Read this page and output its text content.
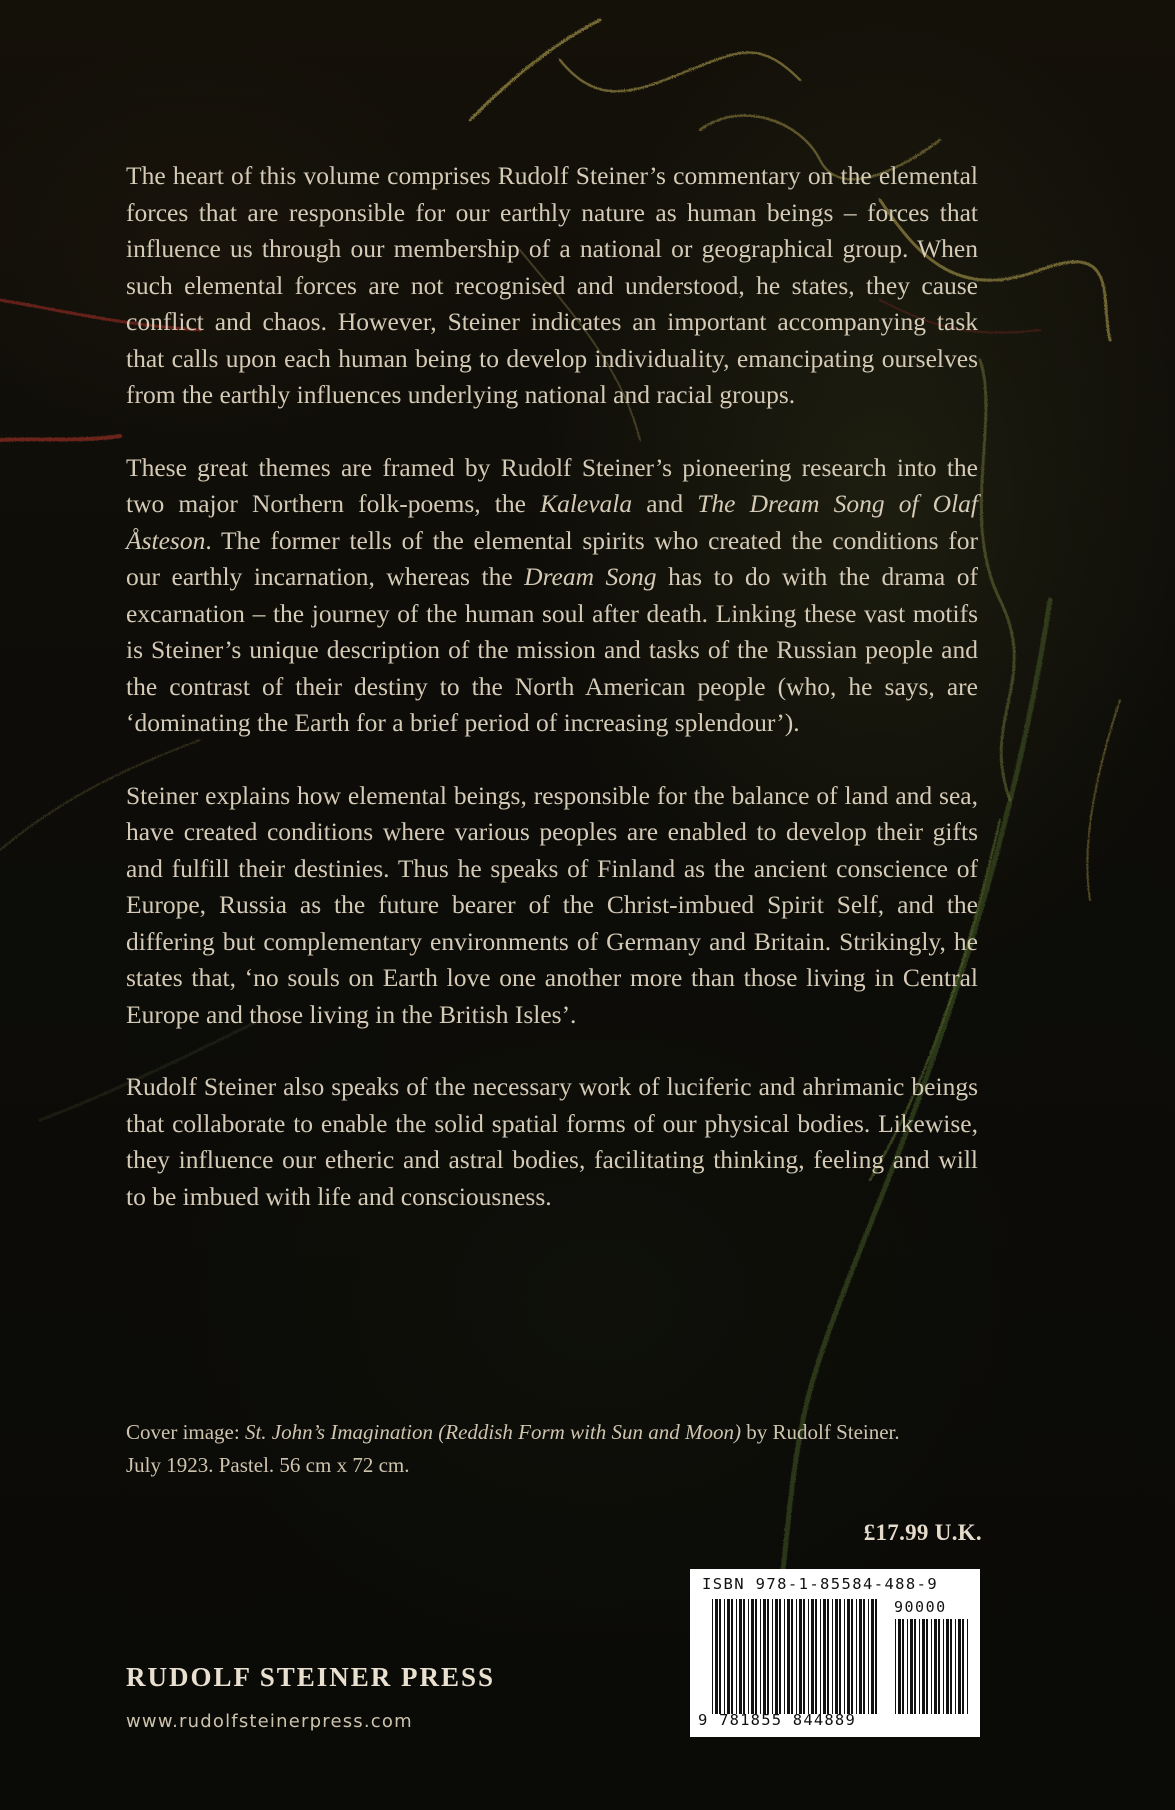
The heart of this volume comprises Rudolf Steiner’s commentary on the elemental forces that are responsible for our earthly nature as human beings – forces that influence us through our membership of a national or geographical group. When such elemental forces are not recognised and understood, he states, they cause conflict and chaos. However, Steiner indicates an important accompanying task that calls upon each human being to develop individuality, emancipating ourselves from the earthly influences underlying national and racial groups.

These great themes are framed by Rudolf Steiner’s pioneering research into the two major Northern folk-poems, the Kalevala and The Dream Song of Olaf Åsteson. The former tells of the elemental spirits who created the conditions for our earthly incarnation, whereas the Dream Song has to do with the drama of excarnation – the journey of the human soul after death. Linking these vast motifs is Steiner’s unique description of the mission and tasks of the Russian people and the contrast of their destiny to the North American people (who, he says, are ‘dominating the Earth for a brief period of increasing splendour’).

Steiner explains how elemental beings, responsible for the balance of land and sea, have created conditions where various peoples are enabled to develop their gifts and fulfill their destinies. Thus he speaks of Finland as the ancient conscience of Europe, Russia as the future bearer of the Christ-imbued Spirit Self, and the differing but complementary environments of Germany and Britain. Strikingly, he states that, ‘no souls on Earth love one another more than those living in Central Europe and those living in the British Isles’.

Rudolf Steiner also speaks of the necessary work of luciferic and ahrimanic beings that collaborate to enable the solid spatial forms of our physical bodies. Likewise, they influence our etheric and astral bodies, facilitating thinking, feeling and will to be imbued with life and consciousness.

Cover image: St. John’s Imagination (Reddish Form with Sun and Moon) by Rudolf Steiner.
July 1923. Pastel. 56 cm x 72 cm.
£17.99 U.K.
ISBN 978-1-85584-488-9
90000
9 781855 844889
RUDOLF STEINER PRESS
www.rudolfsteinerpress.com
